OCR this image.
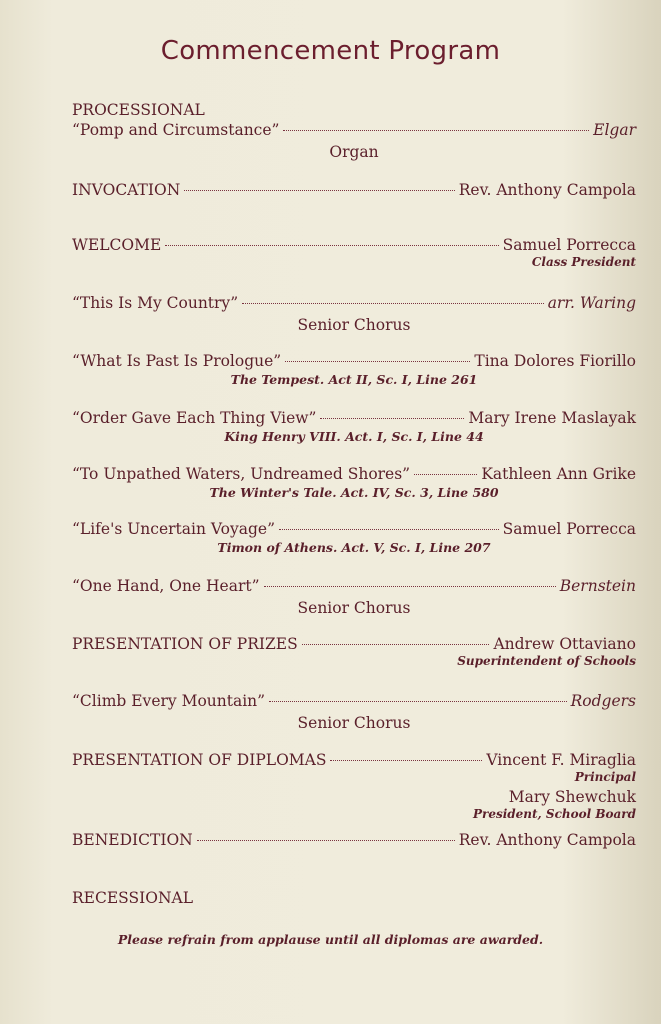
Commencement Program
PROCESSIONAL
“Pomp and Circumstance”	Elgar
Organ
INVOCATION	Rev. Anthony Campola
WELCOME	Samuel Porrecca
Class President
“This Is My Country”	arr. Waring
Senior Chorus
“What Is Past Is Prologue”	Tina Dolores Fiorillo
The Tempest. Act II, Sc. I, Line 261
“Order Gave Each Thing View”	Mary Irene Maslayak
King Henry VIII. Act. I, Sc. I, Line 44
“To Unpathed Waters, Undreamed Shores”	Kathleen Ann Grike
The Winter's Tale. Act. IV, Sc. 3, Line 580
“Life's Uncertain Voyage”	Samuel Porrecca
Timon of Athens. Act. V, Sc. I, Line 207
“One Hand, One Heart”	Bernstein
Senior Chorus
PRESENTATION OF PRIZES	Andrew Ottaviano
Superintendent of Schools
“Climb Every Mountain”	Rodgers
Senior Chorus
PRESENTATION OF DIPLOMAS	Vincent F. Miraglia
Principal
Mary Shewchuk
President, School Board
BENEDICTION	Rev. Anthony Campola
RECESSIONAL
Please refrain from applause until all diplomas are awarded.
